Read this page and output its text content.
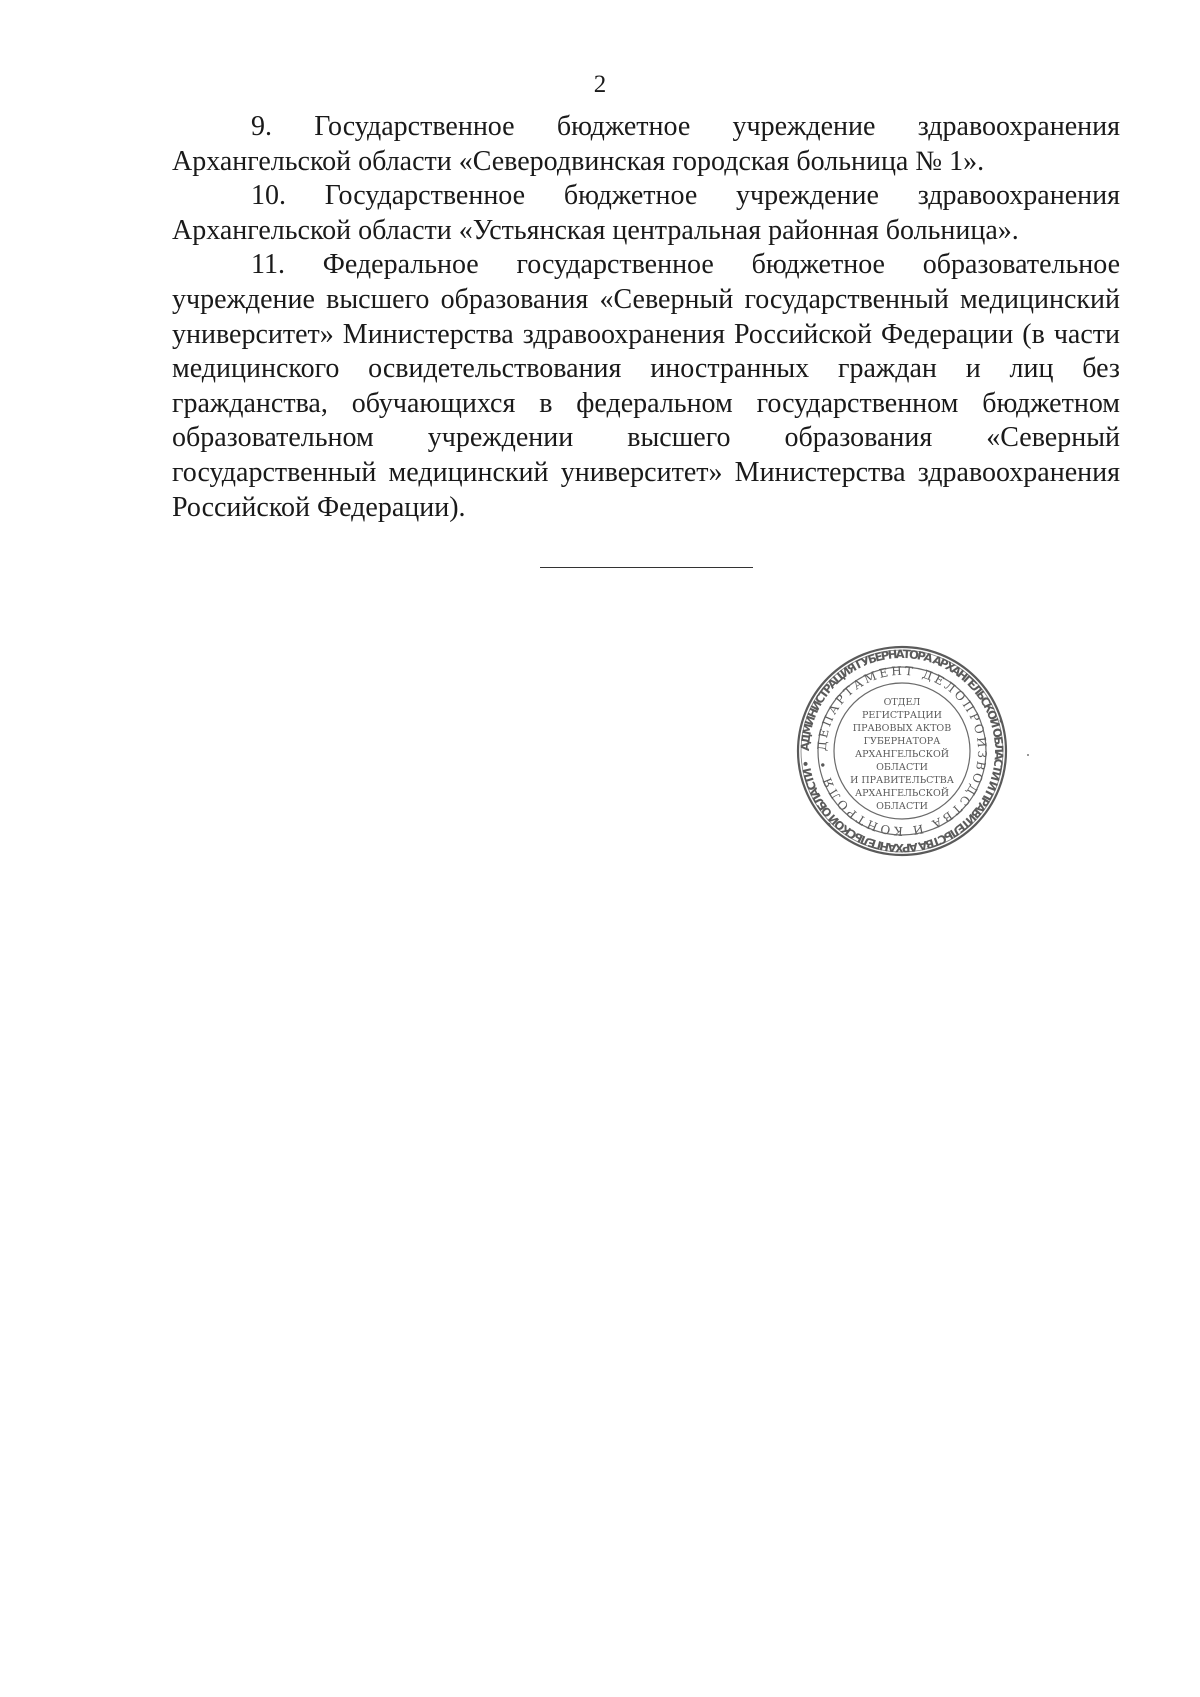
2

9. Государственное бюджетное учреждение здравоохранения Архангельской области «Северодвинская городская больница № 1».

10. Государственное бюджетное учреждение здравоохранения Архангельской области «Устьянская центральная районная больница».

11. Федеральное государственное бюджетное образовательное учреждение высшего образования «Северный государственный медицинский университет» Министерства здравоохранения Российской Федерации (в части медицинского освидетельствования иностранных граждан и лиц без гражданства, обучающихся в федеральном государственном бюджетном образовательном учреждении высшего образования «Северный государственный медицинский университет» Министерства здравоохранения Российской Федерации).

АДМИНИСТРАЦИЯ ГУБЕРНАТОРА АРХАНГЕЛЬСКОЙ ОБЛАСТИ И ПРАВИТЕЛЬСТВА АРХАНГЕЛЬСКОЙ ОБЛАСТИ •
ДЕПАРТАМЕНТ ДЕЛОПРОИЗВОДСТВА И КОНТРОЛЯ •
ОТДЕЛ
РЕГИСТРАЦИИ
ПРАВОВЫХ АКТОВ
ГУБЕРНАТОРА
АРХАНГЕЛЬСКОЙ
ОБЛАСТИ
И ПРАВИТЕЛЬСТВА
АРХАНГЕЛЬСКОЙ
ОБЛАСТИ
